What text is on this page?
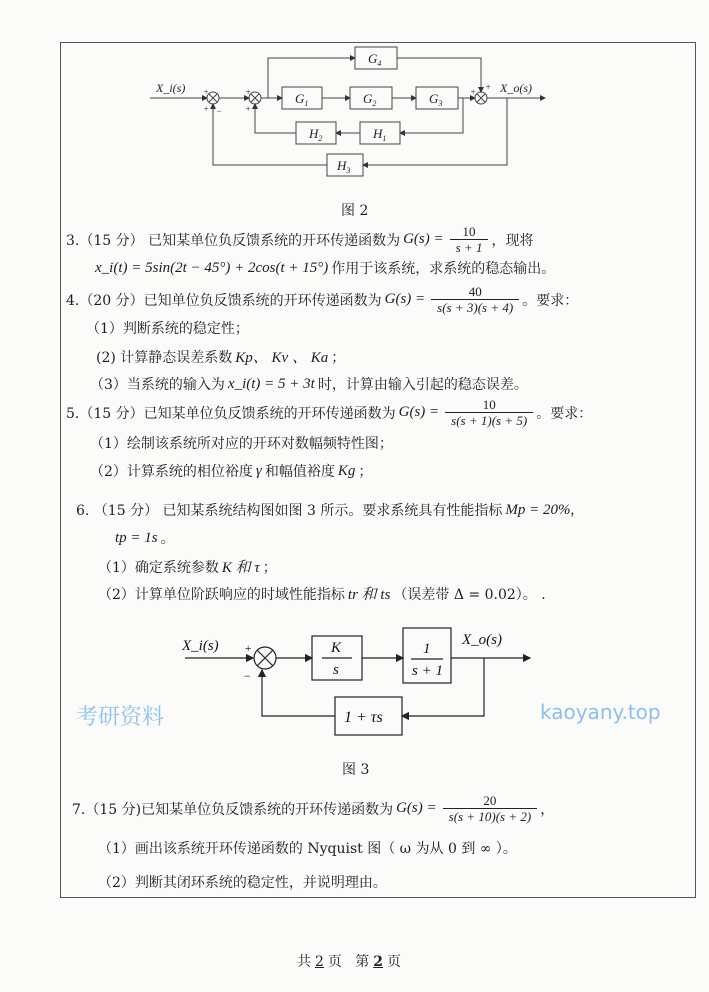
X_i(s)	X_o(s)
$G_1$	$G_2$	$G_3$
$G_4$
$H_1$
$H_2$
$H_3$
+
+ −
+
+
+ +
图 2
3.（15 分） 已知某单位负反馈系统的开环传递函数为 $G(s) = \frac{10}{s + 1}$ ，现将
x_i(t) = 5sin(2t − 45°) + 2cos(t + 15°) 作用于该系统，求系统的稳态输出。
4.（20 分）已知单位负反馈系统的开环传递函数为 $G(s) = \frac{40}{s(s + 3)(s + 4)}$ 。要求：
（1）判断系统的稳定性；
(2) 计算静态误差系数 Kp、 Kv 、 Ka ；
（3）当系统的输入为 x_i(t) = 5 + 3t 时，计算由输入引起的稳态误差。
5.（15 分）已知某单位负反馈系统的开环传递函数为 $G(s) = \frac{10}{s(s + 1)(s + 5)}$ 。要求：
（1）绘制该系统所对应的开环对数幅频特性图；
（2）计算系统的相位裕度 γ 和幅值裕度 Kg ；
6. （15 分） 已知某系统结构图如图 3 所示。要求系统具有性能指标 Mp = 20%,
tp = 1s 。
（1）确定系统参数 K 和 τ ；
（2）计算单位阶跃响应的时域性能指标 tr 和 ts （误差带 Δ = 0.02）。 .
X_i(s) +
−
X_o(s)
K
s
1
s + 1
1 + τs
图 3
7.（15 分)已知某单位负反馈系统的开环传递函数为 $G(s) = \frac{20}{s(s + 10)(s + 2)}$ ，
（1）画出该系统开环传递函数的 Nyquist 图（ ω 为从 0 到 ∞ ）。
（2）判断其闭环系统的稳定性，并说明理由。
共 2 页 第 2 页
考研资料	kaoyany.top
